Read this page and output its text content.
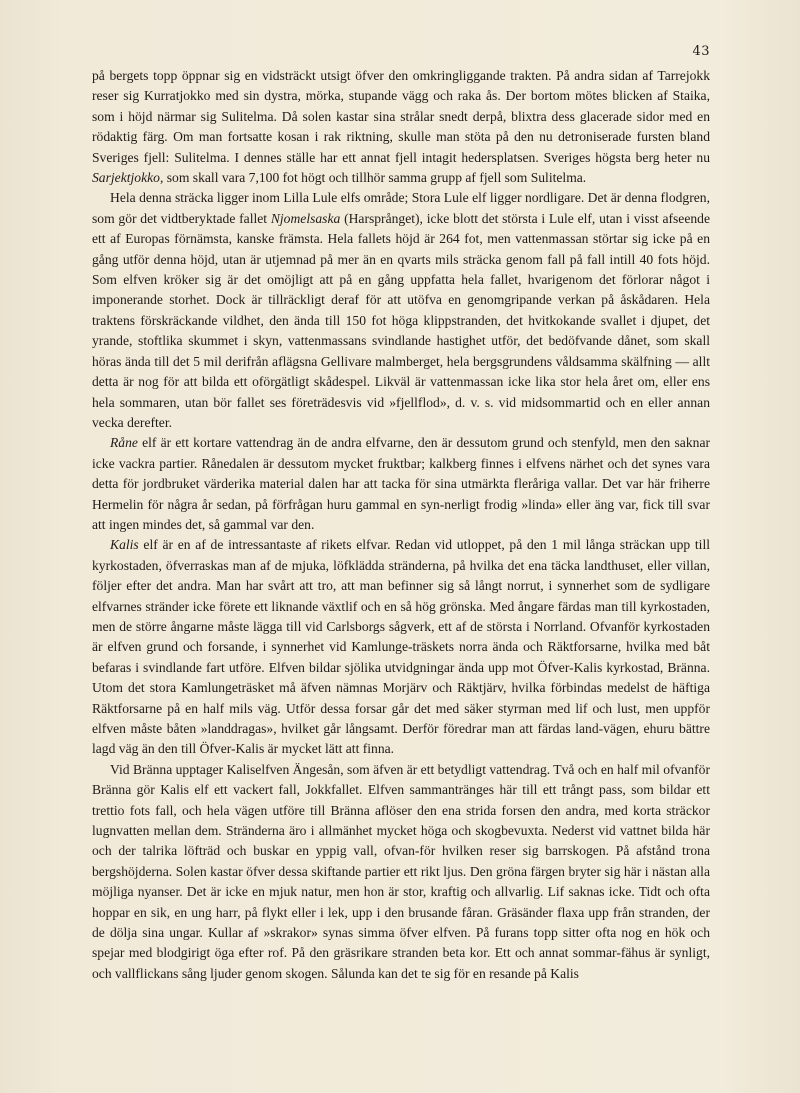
43

på bergets topp öppnar sig en vidsträckt utsigt öfver den omkringliggande trakten. På andra sidan af Tarrejokk reser sig Kurratjokko med sin dystra, mörka, stupande vägg och raka ås. Der bortom mötes blicken af Staika, som i höjd närmar sig Sulitelma. Då solen kastar sina strålar snedt derpå, blixtra dess glacerade sidor med en rödaktig färg. Om man fortsatte kosan i rak riktning, skulle man stöta på den nu detroniserade fursten bland Sveriges fjell: Sulitelma. I dennes ställe har ett annat fjell intagit hedersplatsen. Sveriges högsta berg heter nu Sarjektjokko, som skall vara 7,100 fot högt och tillhör samma grupp af fjell som Sulitelma.

Hela denna sträcka ligger inom Lilla Lule elfs område; Stora Lule elf ligger nordligare. Det är denna flodgren, som gör det vidtberyktade fallet Njomelsaska (Harsprånget), icke blott det största i Lule elf, utan i visst afseende ett af Europas förnämsta, kanske främsta. Hela fallets höjd är 264 fot, men vattenmassan störtar sig icke på en gång utför denna höjd, utan är utjemnad på mer än en qvarts mils sträcka genom fall på fall intill 40 fots höjd. Som elfven kröker sig är det omöjligt att på en gång uppfatta hela fallet, hvarigenom det förlorar något i imponerande storhet. Dock är tillräckligt deraf för att utöfva en genomgripande verkan på åskådaren. Hela traktens förskräckande vildhet, den ända till 150 fot höga klippstranden, det hvitkokande svallet i djupet, det yrande, stoftlika skummet i skyn, vattenmassans svindlande hastighet utför, det bedöfvande dånet, som skall höras ända till det 5 mil derifrån aflägsna Gellivare malmberget, hela bergsgrundens våldsamma skälfning — allt detta är nog för att bilda ett oförgätligt skådespel. Likväl är vattenmassan icke lika stor hela året om, eller ens hela sommaren, utan bör fallet ses företrädesvis vid »fjellflod», d. v. s. vid midsommartid och en eller annan vecka derefter.

Råne elf är ett kortare vattendrag än de andra elfvarne, den är dessutom grund och stenfyld, men den saknar icke vackra partier. Rånedalen är dessutom mycket fruktbar; kalkberg finnes i elfvens närhet och det synes vara detta för jordbruket värderika material dalen har att tacka för sina utmärkta fleråriga vallar. Det var här friherre Hermelin för några år sedan, på förfrågan huru gammal en syn-nerligt frodig »linda» eller äng var, fick till svar att ingen mindes det, så gammal var den.

Kalis elf är en af de intressantaste af rikets elfvar. Redan vid utloppet, på den 1 mil långa sträckan upp till kyrkostaden, öfverraskas man af de mjuka, löfklädda stränderna, på hvilka det ena täcka landthuset, eller villan, följer efter det andra. Man har svårt att tro, att man befinner sig så långt norrut, i synnerhet som de sydligare elfvarnes stränder icke förete ett liknande växtlif och en så hög grönska. Med ångare färdas man till kyrkostaden, men de större ångarne måste lägga till vid Carlsborgs sågverk, ett af de största i Norrland. Ofvanför kyrkostaden är elfven grund och forsande, i synnerhet vid Kamlunge-träskets norra ända och Räktforsarne, hvilka med båt befaras i svindlande fart utföre. Elfven bildar sjölika utvidgningar ända upp mot Öfver-Kalis kyrkostad, Bränna. Utom det stora Kamlungeträsket må äfven nämnas Morjärv och Räktjärv, hvilka förbindas medelst de häftiga Räktforsarne på en half mils väg. Utför dessa forsar går det med säker styrman med lif och lust, men uppför elfven måste båten »landdragas», hvilket går långsamt. Derför föredrar man att färdas land-vägen, ehuru bättre lagd väg än den till Öfver-Kalis är mycket lätt att finna.

Vid Bränna upptager Kaliselfven Ängesån, som äfven är ett betydligt vattendrag. Två och en half mil ofvanför Bränna gör Kalis elf ett vackert fall, Jokkfallet. Elfven sammantränges här till ett trångt pass, som bildar ett trettio fots fall, och hela vägen utföre till Bränna aflöser den ena strida forsen den andra, med korta sträckor lugnvatten mellan dem. Stränderna äro i allmänhet mycket höga och skogbevuxta. Nederst vid vattnet bilda här och der talrika löfträd och buskar en yppig vall, ofvan-för hvilken reser sig barrskogen. På afstånd trona bergshöjderna. Solen kastar öfver dessa skiftande partier ett rikt ljus. Den gröna färgen bryter sig här i nästan alla möjliga nyanser. Det är icke en mjuk natur, men hon är stor, kraftig och allvarlig. Lif saknas icke. Tidt och ofta hoppar en sik, en ung harr, på flykt eller i lek, upp i den brusande fåran. Gräsänder flaxa upp från stranden, der de dölja sina ungar. Kullar af »skrakor» synas simma öfver elfven. På furans topp sitter ofta nog en hök och spejar med blodgirigt öga efter rof. På den gräsrikare stranden beta kor. Ett och annat sommar-fähus är synligt, och vallflickans sång ljuder genom skogen. Sålunda kan det te sig för en resande på Kalis
